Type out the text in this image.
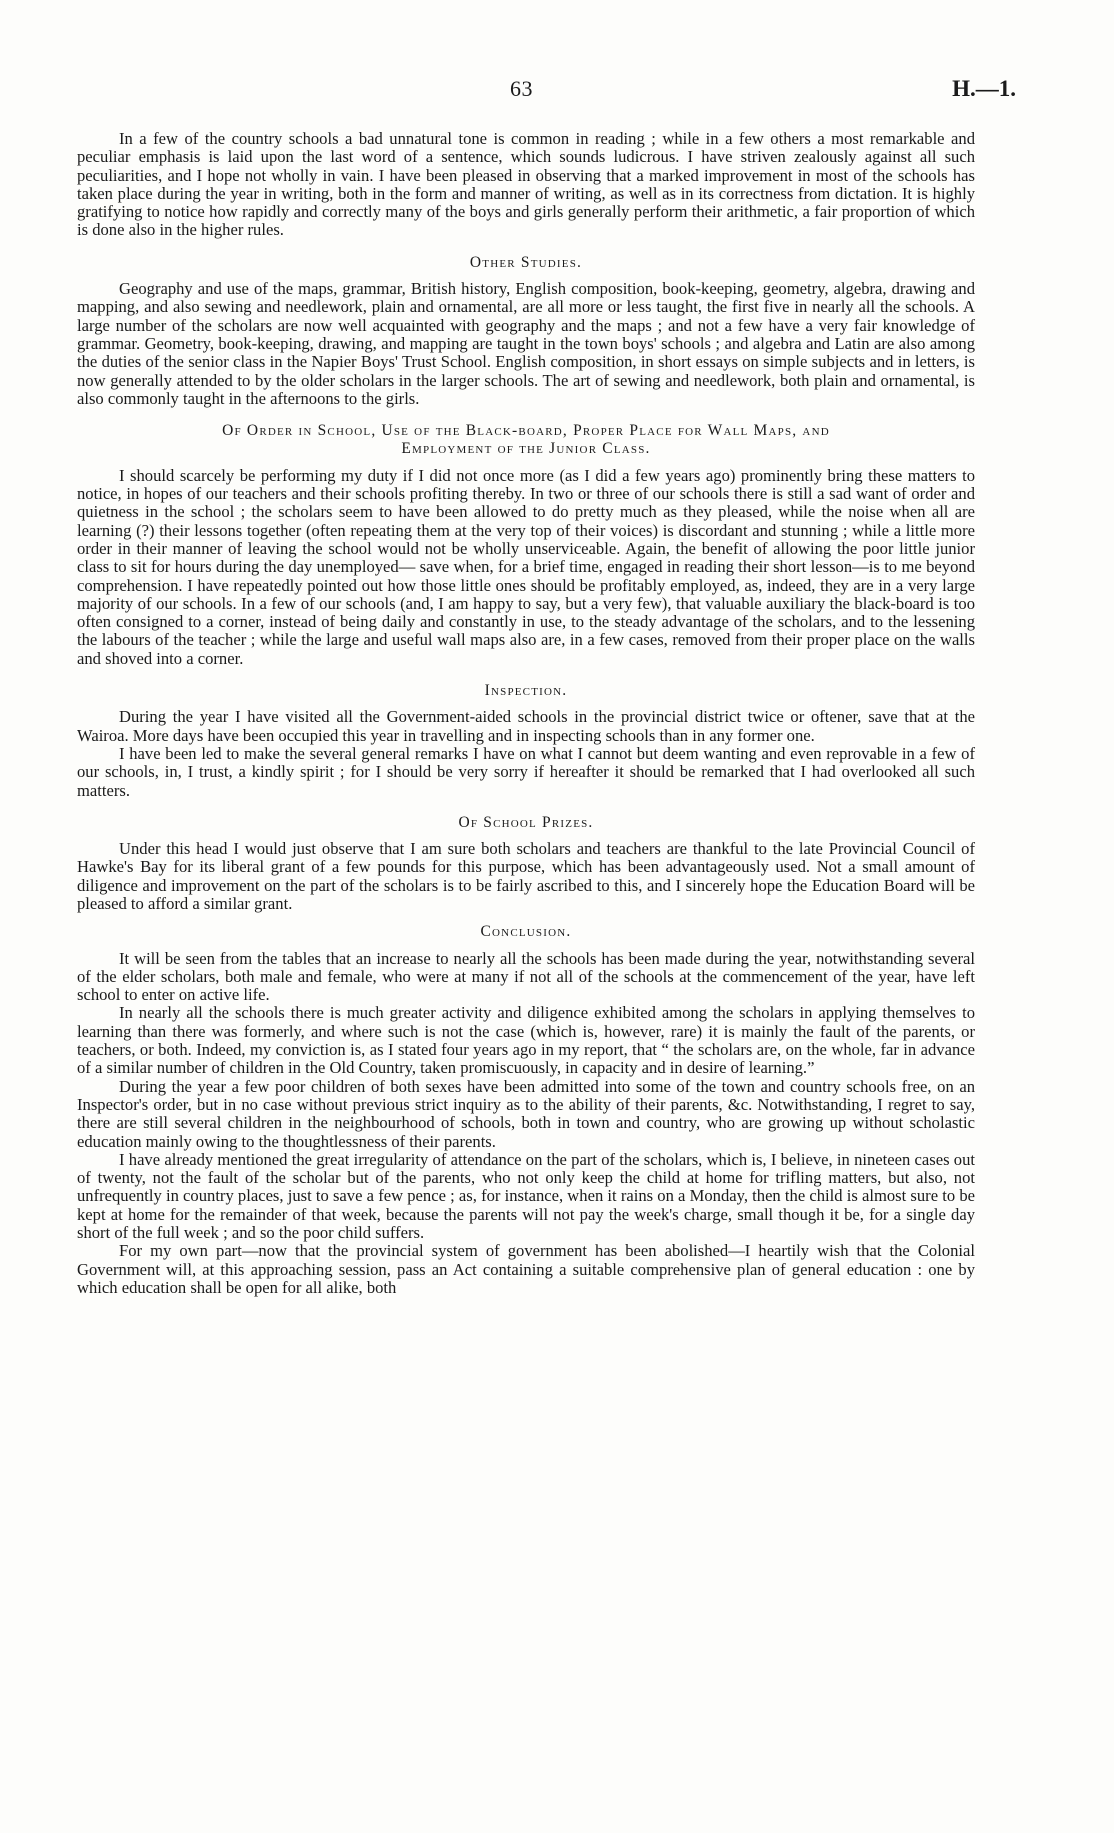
63	H.—1.

In a few of the country schools a bad unnatural tone is common in reading ; while in a few others a most remarkable and peculiar emphasis is laid upon the last word of a sentence, which sounds ludicrous. I have striven zealously against all such peculiarities, and I hope not wholly in vain. I have been pleased in observing that a marked improvement in most of the schools has taken place during the year in writing, both in the form and manner of writing, as well as in its correctness from dictation. It is highly gratifying to notice how rapidly and correctly many of the boys and girls generally perform their arithmetic, a fair proportion of which is done also in the higher rules.

Other Studies.

Geography and use of the maps, grammar, British history, English composition, book-keeping, geometry, algebra, drawing and mapping, and also sewing and needlework, plain and ornamental, are all more or less taught, the first five in nearly all the schools. A large number of the scholars are now well acquainted with geography and the maps ; and not a few have a very fair knowledge of grammar. Geometry, book-keeping, drawing, and mapping are taught in the town boys' schools ; and algebra and Latin are also among the duties of the senior class in the Napier Boys' Trust School. English composition, in short essays on simple subjects and in letters, is now generally attended to by the older scholars in the larger schools. The art of sewing and needlework, both plain and ornamental, is also commonly taught in the afternoons to the girls.

Of Order in School, Use of the Black-board, Proper Place for Wall Maps, and

Employment of the Junior Class.

I should scarcely be performing my duty if I did not once more (as I did a few years ago) prominently bring these matters to notice, in hopes of our teachers and their schools profiting thereby. In two or three of our schools there is still a sad want of order and quietness in the school ; the scholars seem to have been allowed to do pretty much as they pleased, while the noise when all are learning (?) their lessons together (often repeating them at the very top of their voices) is discordant and stunning ; while a little more order in their manner of leaving the school would not be wholly unserviceable. Again, the benefit of allowing the poor little junior class to sit for hours during the day unemployed— save when, for a brief time, engaged in reading their short lesson—is to me beyond comprehension. I have repeatedly pointed out how those little ones should be profitably employed, as, indeed, they are in a very large majority of our schools. In a few of our schools (and, I am happy to say, but a very few), that valuable auxiliary the black-board is too often consigned to a corner, instead of being daily and constantly in use, to the steady advantage of the scholars, and to the lessening the labours of the teacher ; while the large and useful wall maps also are, in a few cases, removed from their proper place on the walls and shoved into a corner.

Inspection.

During the year I have visited all the Government-aided schools in the provincial district twice or oftener, save that at the Wairoa. More days have been occupied this year in travelling and in inspecting schools than in any former one.

I have been led to make the several general remarks I have on what I cannot but deem wanting and even reprovable in a few of our schools, in, I trust, a kindly spirit ; for I should be very sorry if hereafter it should be remarked that I had overlooked all such matters.

Of School Prizes.

Under this head I would just observe that I am sure both scholars and teachers are thankful to the late Provincial Council of Hawke's Bay for its liberal grant of a few pounds for this purpose, which has been advantageously used. Not a small amount of diligence and improvement on the part of the scholars is to be fairly ascribed to this, and I sincerely hope the Education Board will be pleased to afford a similar grant.

Conclusion.

It will be seen from the tables that an increase to nearly all the schools has been made during the year, notwithstanding several of the elder scholars, both male and female, who were at many if not all of the schools at the commencement of the year, have left school to enter on active life.

In nearly all the schools there is much greater activity and diligence exhibited among the scholars in applying themselves to learning than there was formerly, and where such is not the case (which is, however, rare) it is mainly the fault of the parents, or teachers, or both. Indeed, my conviction is, as I stated four years ago in my report, that “ the scholars are, on the whole, far in advance of a similar number of children in the Old Country, taken promiscuously, in capacity and in desire of learning.”

During the year a few poor children of both sexes have been admitted into some of the town and country schools free, on an Inspector's order, but in no case without previous strict inquiry as to the ability of their parents, &c. Notwithstanding, I regret to say, there are still several children in the neighbourhood of schools, both in town and country, who are growing up without scholastic education mainly owing to the thoughtlessness of their parents.

I have already mentioned the great irregularity of attendance on the part of the scholars, which is, I believe, in nineteen cases out of twenty, not the fault of the scholar but of the parents, who not only keep the child at home for trifling matters, but also, not unfrequently in country places, just to save a few pence ; as, for instance, when it rains on a Monday, then the child is almost sure to be kept at home for the remainder of that week, because the parents will not pay the week's charge, small though it be, for a single day short of the full week ; and so the poor child suffers.

For my own part—now that the provincial system of government has been abolished—I heartily wish that the Colonial Government will, at this approaching session, pass an Act containing a suitable comprehensive plan of general education : one by which education shall be open for all alike, both
